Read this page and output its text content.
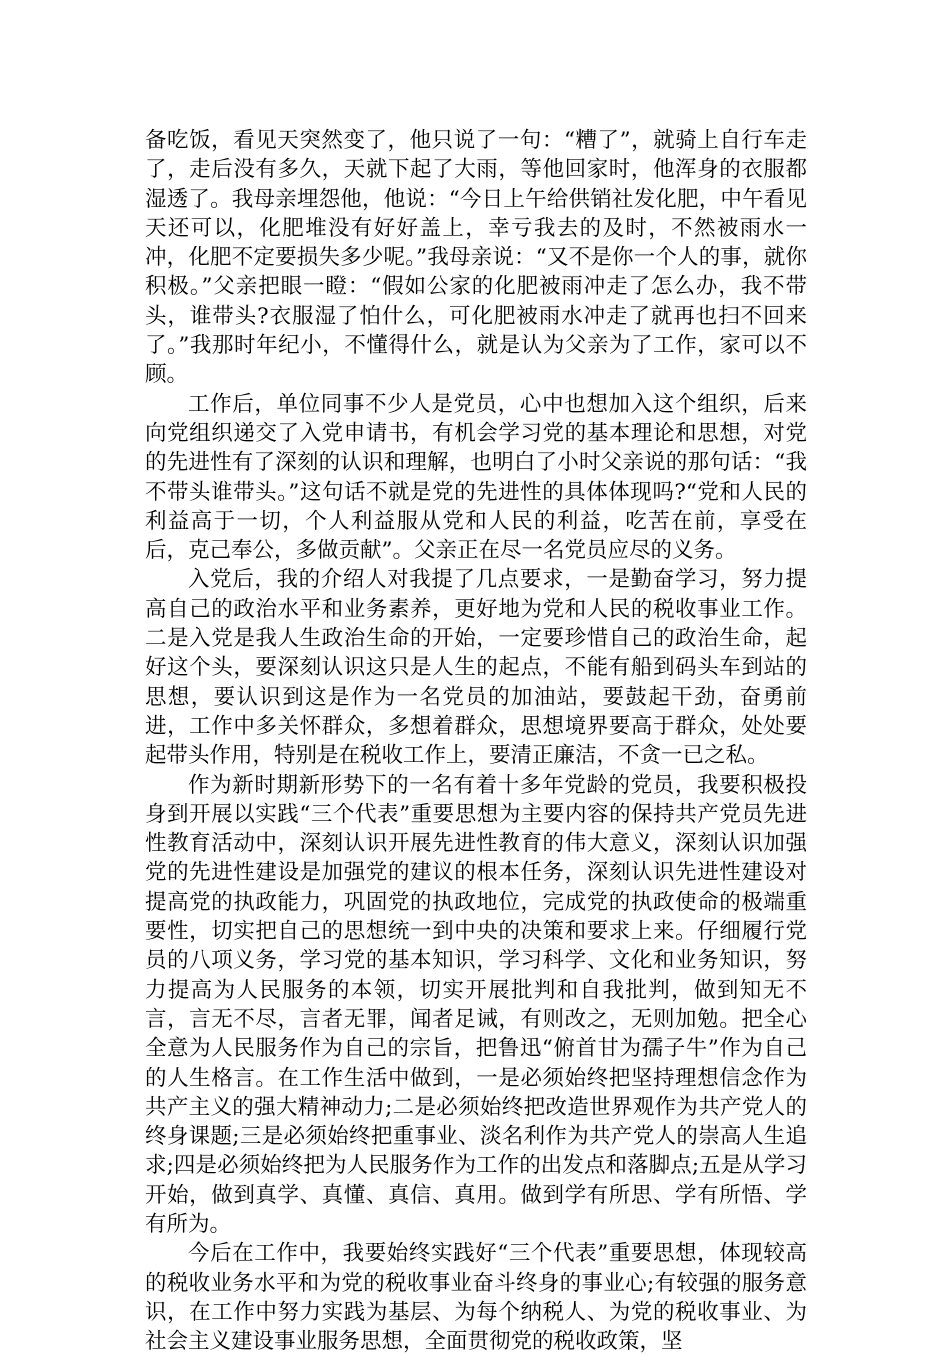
备吃饭，看见天突然变了，他只说了一句：“糟了”，就骑上自行车走了，走后没有多久，天就下起了大雨，等他回家时，他浑身的衣服都湿透了。我母亲埋怨他，他说：“今日上午给供销社发化肥，中午看见天还可以，化肥堆没有好好盖上，幸亏我去的及时，不然被雨水一冲，化肥不定要损失多少呢。”我母亲说：“又不是你一个人的事，就你积极。”父亲把眼一瞪：“假如公家的化肥被雨冲走了怎么办，我不带头，谁带头?衣服湿了怕什么，可化肥被雨水冲走了就再也扫不回来了。”我那时年纪小，不懂得什么，就是认为父亲为了工作，家可以不顾。

工作后，单位同事不少人是党员，心中也想加入这个组织，后来向党组织递交了入党申请书，有机会学习党的基本理论和思想，对党的先进性有了深刻的认识和理解，也明白了小时父亲说的那句话：“我不带头谁带头。”这句话不就是党的先进性的具体体现吗?“党和人民的利益高于一切，个人利益服从党和人民的利益，吃苦在前，享受在后，克己奉公，多做贡献”。父亲正在尽一名党员应尽的义务。

入党后，我的介绍人对我提了几点要求，一是勤奋学习，努力提高自己的政治水平和业务素养，更好地为党和人民的税收事业工作。二是入党是我人生政治生命的开始，一定要珍惜自己的政治生命，起好这个头，要深刻认识这只是人生的起点，不能有船到码头车到站的思想，要认识到这是作为一名党员的加油站，要鼓起干劲，奋勇前进，工作中多关怀群众，多想着群众，思想境界要高于群众，处处要起带头作用，特别是在税收工作上，要清正廉洁，不贪一已之私。

作为新时期新形势下的一名有着十多年党龄的党员，我要积极投身到开展以实践“三个代表”重要思想为主要内容的保持共产党员先进性教育活动中，深刻认识开展先进性教育的伟大意义，深刻认识加强党的先进性建设是加强党的建议的根本任务，深刻认识先进性建设对提高党的执政能力，巩固党的执政地位，完成党的执政使命的极端重要性，切实把自己的思想统一到中央的决策和要求上来。仔细履行党员的八项义务，学习党的基本知识，学习科学、文化和业务知识，努力提高为人民服务的本领，切实开展批判和自我批判，做到知无不言，言无不尽，言者无罪，闻者足诫，有则改之，无则加勉。把全心全意为人民服务作为自己的宗旨，把鲁迅“俯首甘为孺子牛”作为自己的人生格言。在工作生活中做到，一是必须始终把坚持理想信念作为共产主义的强大精神动力;二是必须始终把改造世界观作为共产党人的终身课题;三是必须始终把重事业、淡名利作为共产党人的崇高人生追求;四是必须始终把为人民服务作为工作的出发点和落脚点;五是从学习开始，做到真学、真懂、真信、真用。做到学有所思、学有所悟、学有所为。

今后在工作中，我要始终实践好“三个代表”重要思想，体现较高的税收业务水平和为党的税收事业奋斗终身的事业心;有较强的服务意识，在工作中努力实践为基层、为每个纳税人、为党的税收事业、为社会主义建设事业服务思想，全面贯彻党的税收政策，坚
